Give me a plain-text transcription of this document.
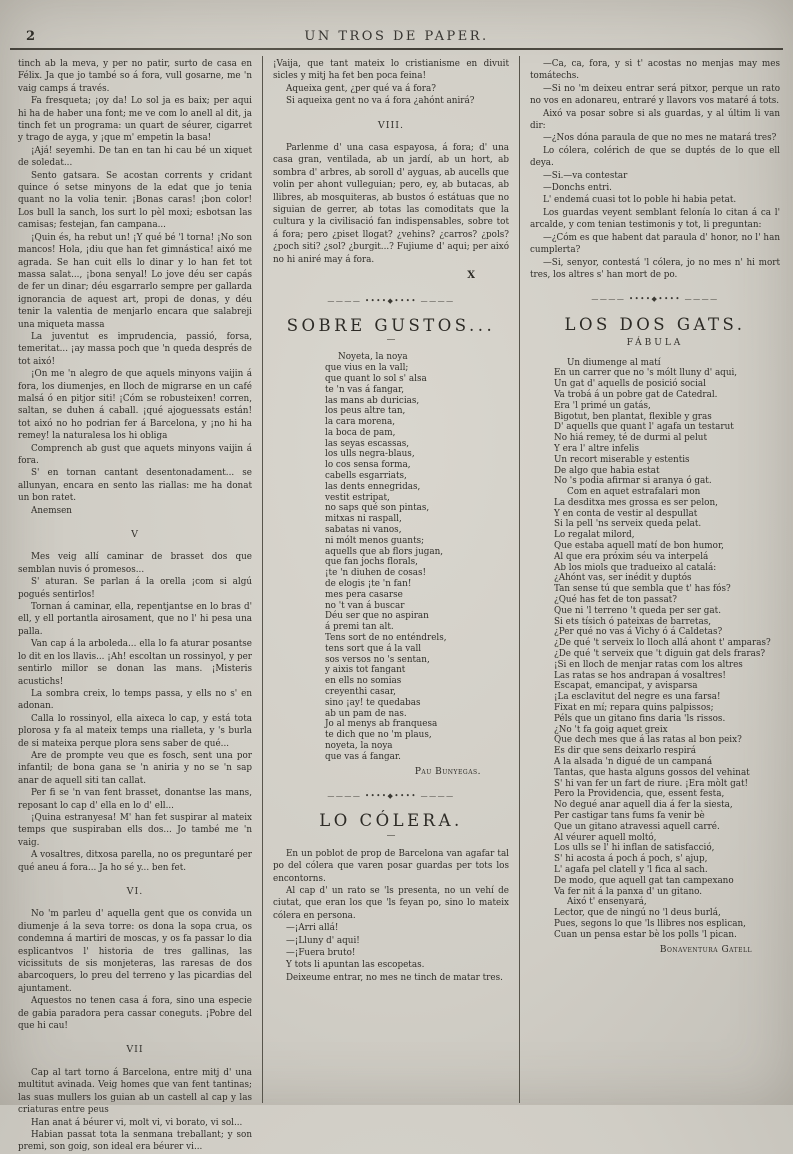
2	UN TROS DE PAPER.
tinch ab la meva, y per no patir, surto de casa en Félix. Ja que jo també so á fora, vull gosarne, me 'n vaig camps á través.
Fa fresqueta; ¡oy da! Lo sol ja es baix; per aqui hi ha de haber una font; me ve com lo anell al dit, ja tinch fet un programa: un quart de séurer, cigarret y trago de ayga, y ¡que m' empetin la basa!
¡Ajá! seyemhi. De tan en tan hi cau bé un xiquet de soledat...
Sento gatsara. Se acostan corrents y cridant quince ó setse minyons de la edat que jo tenia quant no la volia tenir. ¡Bonas caras! ¡bon color! Los bull la sanch, los surt lo pèl moxi; esbotsan las camisas; festejan, fan campana...
¡Quin és, ha rebut un! ¡Y qué bé 'l torna! ¡No son mancos! Hola, ¡diu que han fet gimnástica! aixó me agrada. Se han cuit ells lo dinar y lo han fet tot massa salat..., ¡bona senyal! Lo jove déu ser capás de fer un dinar; déu esgarrarlo sempre per gallarda ignorancia de aquest art, propi de donas, y déu tenir la valentia de menjarlo encara que salabreji una miqueta massa
La juventut es imprudencia, passió, forsa, temeritat... ¡ay massa poch que 'n queda després de tot aixó!
¡On me 'n alegro de que aquels minyons vaijin á fora, los diumenjes, en lloch de migrarse en un café malsá ó en pitjor siti! ¡Cóm se robusteixen! corren, saltan, se duhen á caball. ¡qué ajoguessats están! tot aixó no ho podrian fer á Barcelona, y ¡no hi ha remey! la naturalesa los hi obliga
Comprench ab gust que aquets minyons vaijin á fora.
S' en tornan cantant desentonadament... se allunyan, encara en sento las riallas: me ha donat un bon ratet.
Anemsen
V
Mes veig allí caminar de brasset dos que semblan nuvis ó promesos...
S' aturan. Se parlan á la orella ¡com si algú pogués sentirlos!
Tornan á caminar, ella, repentjantse en lo bras d' ell, y ell portantla airosament, que no l' hi pesa una palla.
Van cap á la arboleda... ella lo fa aturar posantse lo dit en los llavis... ¡Ah! escoltan un rossinyol, y per sentirlo millor se donan las mans. ¡Misteris acustichs!
La sombra creix, lo temps passa, y ells no s' en adonan.
Calla lo rossinyol, ella aixeca lo cap, y está tota plorosa y fa al mateix temps una rialleta, y 's burla de si mateixa perque plora sens saber de qué...
Are de prompte veu que es fosch, sent una por infantil; de bona gana se 'n aniria y no se 'n sap anar de aquell siti tan callat.
Per fi se 'n van fent brasset, donantse las mans, reposant lo cap d' ella en lo d' ell...
¡Quina estranyesa! M' han fet suspirar al mateix temps que suspiraban ells dos... Jo també me 'n vaig.
A vosaltres, ditxosa parella, no os preguntaré per qué aneu á fora... Ja ho sé y... ben fet.
VI.
No 'm parleu d' aquella gent que os convida un diumenje á la seva torre: os dona la sopa crua, os condemna á martiri de moscas, y os fa passar lo dia esplicantvos l' historia de tres gallinas, las vicissituts de sis monjeteras, las raresas de dos abarcoquers, lo preu del terreno y las picardias del ajuntament.
Aquestos no tenen casa á fora, sino una especie de gabia paradora pera cassar coneguts. ¡Pobre del que hi cau!
VII
Cap al tart torno á Barcelona, entre mitj d' una multitut avinada. Veig homes que van fent tantinas; las suas mullers los guian ab un castell al cap y las criaturas entre peus
Han anat á béurer vi, molt vi, vi borato, vi sol...
Habian passat tota la senmana treballant; y son premi, son goig, son ideal era béurer vi...
¡Vaija, que tant mateix lo cristianisme en divuit sicles y mitj ha fet ben poca feina!
Aqueixa gent, ¿per qué va á fora?
Si aqueixa gent no va á fora ¿ahónt anirá?
VIII.
Parlenme d' una casa espayosa, á fora; d' una casa gran, ventilada, ab un jardí, ab un hort, ab sombra d' arbres, ab soroll d' ayguas, ab aucells que volin per ahont vulleguian; pero, ey, ab butacas, ab llibres, ab mosquiteras, ab bustos ó estátuas que no siguian de gerrer, ab totas las comoditats que la cultura y la civilisació fan indispensables, sobre tot á fora; pero ¿piset llogat? ¿vehins? ¿carros? ¿pols? ¿poch siti? ¿sol? ¿burgit...? Fujiume d' aqui; per aixó no hi aniré may á fora.
X
———— ••••◆•••• ————
SOBRE GUSTOS...
—
Noyeta, la noya
que vius en la vall;
que quant lo sol s' alsa
te 'n vas á fangar,
las mans ab duricias,
los peus altre tan,
la cara morena,
la boca de pam,
las seyas escassas,
los ulls negra-blaus,
lo cos sensa forma,
cabells esgarriats,
las dents ennegridas,
vestit estripat,
no saps qué son pintas,
mitxas ni raspall,
sabatas ni vanos,
ni mólt menos guants;
aquells que ab flors jugan,
que fan jochs florals,
¡te 'n diuhen de cosas!
de elogis ¡te 'n fan!
mes pera casarse
no 't van á buscar
Déu ser que no aspiran
á premi tan alt.
Tens sort de no enténdrels,
tens sort que á la vall
sos versos no 's sentan,
y aixis tot fangant
en ells no somias
creyenthi casar,
sino ¡ay! te quedabas
ab un pam de nas.
Jo al menys ab franquesa
te dich que no 'm plaus,
noyeta, la noya
que vas á fangar.
Pau Bunyegas.
———— ••••◆•••• ————
LO CÓLERA.
—
En un poblot de prop de Barcelona van agafar tal po del cólera que varen posar guardas per tots los encontorns.
Al cap d' un rato se 'ls presenta, no un vehí de ciutat, que eran los que 'ls feyan po, sino lo mateix cólera en persona.
—¡Arri allá!
—¡Lluny d' aqui!
—¡Fuera bruto!
Y tots li apuntan las escopetas.
Deixeume entrar, no mes ne tinch de matar tres.
—Ca, ca, fora, y si t' acostas no menjas may mes tomátechs.
—Si no 'm deixeu entrar será pitxor, perque un rato no vos en adonareu, entraré y llavors vos mataré á tots.
Aixó va posar sobre si als guardas, y al últim li van dir:
—¿Nos dóna paraula de que no mes ne matará tres?
Lo cólera, colérich de que se duptés de lo que ell deya.
—Si.—va contestar
—Donchs entri.
L' endemá cuasi tot lo poble hi habia petat.
Los guardas veyent semblant felonía lo citan á ca l' arcalde, y com tenian testimonis y tot, li preguntan:
—¿Cóm es que habent dat paraula d' honor, no l' han cumplerta?
—Si, senyor, contestá 'l cólera, jo no mes n' hi mort tres, los altres s' han mort de po.
———— ••••◆•••• ————
LOS DOS GATS.
FÁBULA
Un diumenge al matí
En un carrer que no 's mólt lluny d' aqui,
Un gat d' aquells de posició social
Va trobá á un pobre gat de Catedral.
Era 'l primé un gatás,
Bigotut, ben plantat, flexible y gras
D' aquells que quant l' agafa un testarut
No hiá remey, té de durmi al pelut
Y era l' altre infelis
Un recort miserable y estentis
De algo que habia estat
No 's podia afirmar si aranya ó gat.
Com en aquet estrafalari mon
La desditxa mes grossa es ser pelon,
Y en conta de vestir al despullat
Si la pell 'ns serveix queda pelat.
Lo regalat milord,
Que estaba aquell matí de bon humor,
Al que era próxim séu va interpelá
Ab los miols que tradueixo al catalá:
¿Ahónt vas, ser inédit y duptós
Tan sense tú que sembla que t' has fós?
¿Qué has fet de ton passat?
Que ni 'l terreno 't queda per ser gat.
Si ets tísich ó pateixas de barretas,
¿Per qué no vas á Vichy ó á Caldetas?
¿De qué 't serveix lo lloch allá ahont t' amparas?
¿De qué 't serveix que 't diguin gat dels fraras?
¡Si en lloch de menjar ratas com los altres
Las ratas se hos andrapan á vosaltres!
Escapat, emancipat, y avisparsa
¡La esclavitut del negre es una farsa!
Fixat en mí; repara quins palpissos;
Péls que un gitano fins daria 'ls rissos.
¿No 't fa goig aquet greix
Que dech mes que á las ratas al bon peix?
Es dir que sens deixarlo respirá
A la alsada 'n digué de un campaná
Tantas, que hasta alguns gossos del vehinat
S' hi van fer un fart de riure. ¡Era mòlt gat!
Pero la Providencia, que, essent festa,
No degué anar aquell dia á fer la siesta,
Per castigar tans fums fa venir bè
Que un gitano atravessi aquell carré.
Al véurer aquell moltó,
Los ulls se l' hi inflan de satisfacció,
S' hi acosta á poch á poch, s' ajup,
L' agafa pel clatell y 'l fica al sach.
De modo, que aquell gat tan campexano
Va fer nit á la panxa d' un gitano.
Aixó t' ensenyará,
Lector, que de ningú no 'l deus burlá,
Pues, segons lo que 'ls llibres nos esplican,
Cuan un pensa estar bè los polls 'l pican.
Bonaventura Gatell
